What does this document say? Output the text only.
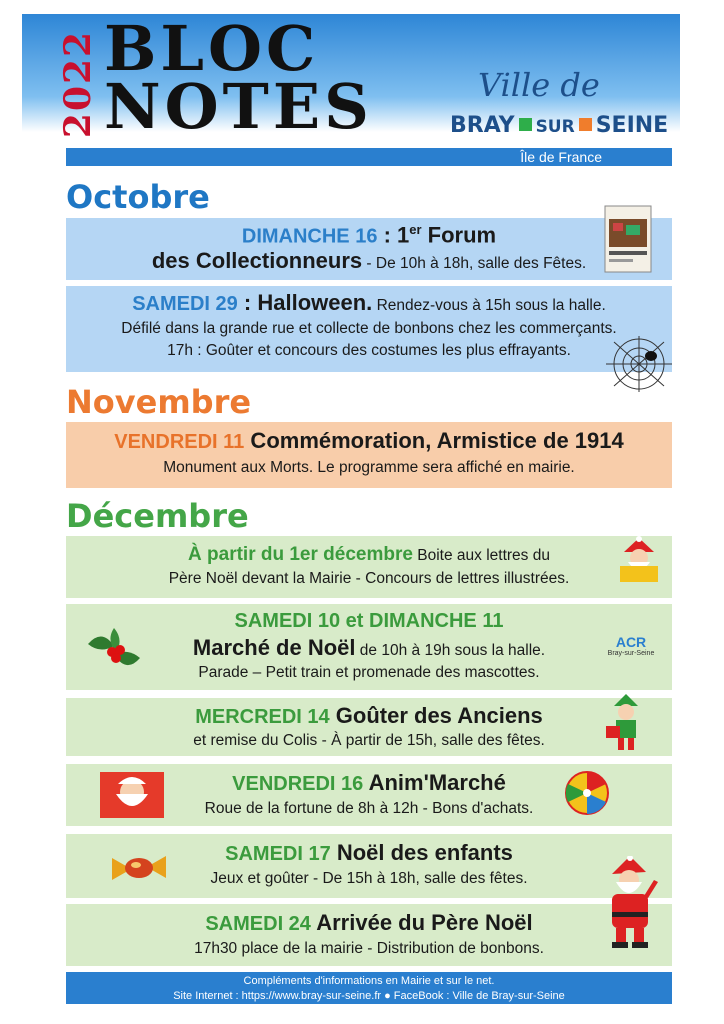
2022 BLOC
NOTES	Ville de
BRAY SUR SEINE
Île de France
Octobre
DIMANCHE 16 : 1er Forum
des Collectionneurs - De 10h à 18h, salle des Fêtes.
SAMEDI 29 : Halloween. Rendez-vous à 15h sous la halle.
Défilé dans la grande rue et collecte de bonbons chez les commerçants.
17h : Goûter et concours des costumes les plus effrayants.
Novembre
VENDREDI 11 Commémoration, Armistice de 1914
Monument aux Morts. Le programme sera affiché en mairie.
Décembre
À partir du 1er décembre Boite aux lettres du
Père Noël devant la Mairie - Concours de lettres illustrées.
SAMEDI 10 et DIMANCHE 11
Marché de Noël de 10h à 19h sous la halle.
Parade – Petit train et promenade des mascottes.
ACR
Bray-sur-Seine
MERCREDI 14 Goûter des Anciens
et remise du Colis - À partir de 15h, salle des fêtes.
VENDREDI 16 Anim'Marché
Roue de la fortune de 8h à 12h - Bons d'achats.
SAMEDI 17 Noël des enfants
Jeux et goûter - De 15h à 18h, salle des fêtes.
SAMEDI 24 Arrivée du Père Noël
17h30 place de la mairie - Distribution de bonbons.
Compléments d'informations en Mairie et sur le net.
Site Internet : https://www.bray-sur-seine.fr ● FaceBook : Ville de Bray-sur-Seine
